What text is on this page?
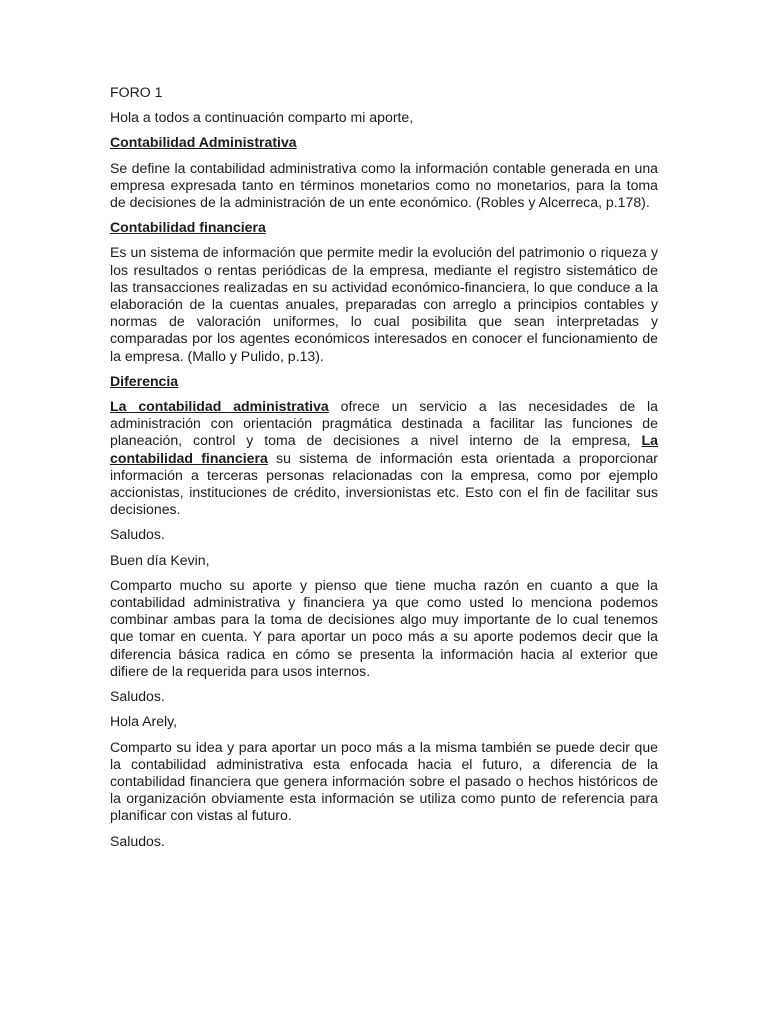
FORO 1

Hola a todos a continuación comparto mi aporte,

Contabilidad Administrativa

Se define la contabilidad administrativa como la información contable generada en una empresa expresada tanto en términos monetarios como no monetarios, para la toma de decisiones de la administración de un ente económico. (Robles y Alcerreca, p.178).

Contabilidad financiera

Es un sistema de información que permite medir la evolución del patrimonio o riqueza y los resultados o rentas periódicas de la empresa, mediante el registro sistemático de las transacciones realizadas en su actividad económico-financiera, lo que conduce a la elaboración de la cuentas anuales, preparadas con arreglo a principios contables y normas de valoración uniformes, lo cual posibilita que sean interpretadas y comparadas por los agentes económicos interesados en conocer el funcionamiento de la empresa. (Mallo y Pulido, p.13).

Diferencia

La contabilidad administrativa ofrece un servicio a las necesidades de la administración con orientación pragmática destinada a facilitar las funciones de planeación, control y toma de decisiones a nivel interno de la empresa, La contabilidad financiera su sistema de información esta orientada a proporcionar información a terceras personas relacionadas con la empresa, como por ejemplo accionistas, instituciones de crédito, inversionistas etc. Esto con el fin de facilitar sus decisiones.

Saludos.

Buen día Kevin,

Comparto mucho su aporte y pienso que tiene mucha razón en cuanto a que la contabilidad administrativa y financiera ya que como usted lo menciona podemos combinar ambas para la toma de decisiones algo muy importante de lo cual tenemos que tomar en cuenta. Y para aportar un poco más a su aporte podemos decir que la diferencia básica radica en cómo se presenta la información hacia al exterior que difiere de la requerida para usos internos.

Saludos.

Hola Arely,

Comparto su idea y para aportar un poco más a la misma también se puede decir que la contabilidad administrativa esta enfocada hacia el futuro, a diferencia de la contabilidad financiera que genera información sobre el pasado o hechos históricos de la organización obviamente esta información se utiliza como punto de referencia para planificar con vistas al futuro.

Saludos.
